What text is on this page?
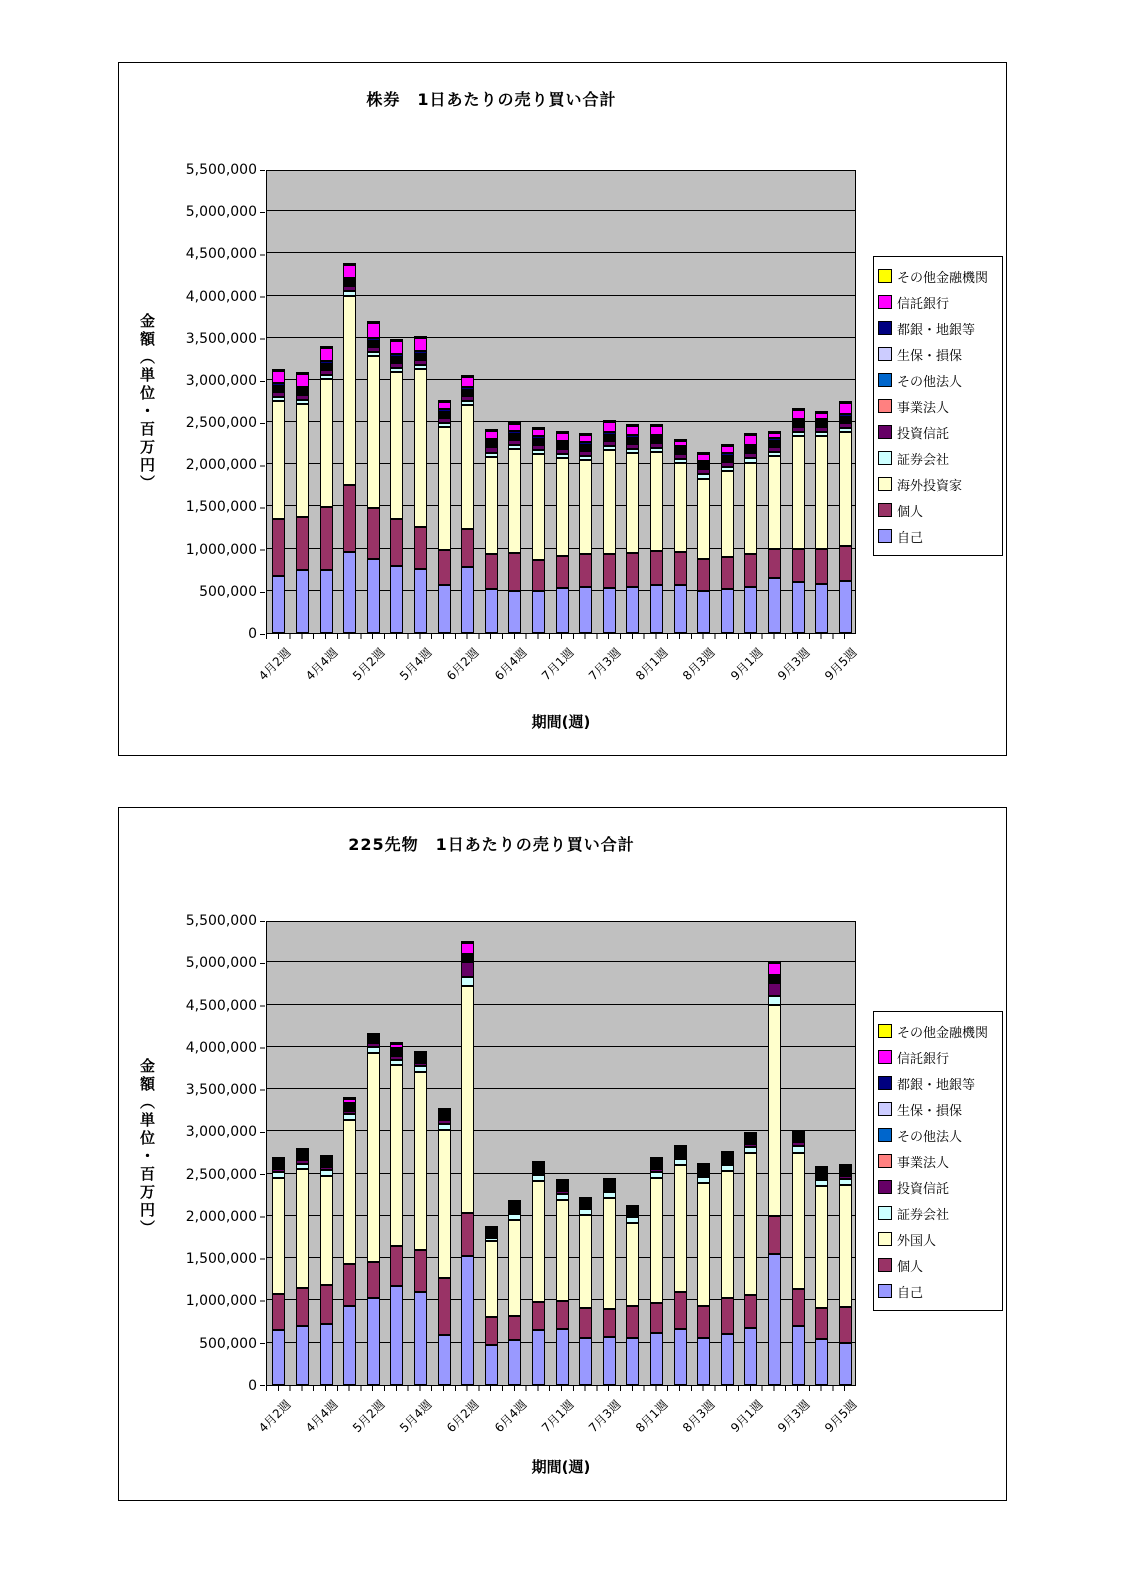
株券　1日あたりの売り買い合計
金額（単位・百万円）
5,500,000
5,000,000
4,500,000
4,000,000
3,500,000
3,000,000
2,500,000
2,000,000
1,500,000
1,000,000
500,000
0
4月2週 4月4週 5月2週 5月4週 6月2週 6月4週 7月1週 7月3週 8月1週 8月3週 9月1週 9月3週 9月5週
期間(週)
その他金融機関
信託銀行
都銀・地銀等
生保・損保
その他法人
事業法人
投資信託
証券会社
海外投資家
個人
自己
225先物　1日あたりの売り買い合計
金額（単位・百万円）
5,500,000
5,000,000
4,500,000
4,000,000
3,500,000
3,000,000
2,500,000
2,000,000
1,500,000
1,000,000
500,000
0
4月2週 4月4週 5月2週 5月4週 6月2週 6月4週 7月1週 7月3週 8月1週 8月3週 9月1週 9月3週 9月5週
期間(週)
その他金融機関
信託銀行
都銀・地銀等
生保・損保
その他法人
事業法人
投資信託
証券会社
外国人
個人
自己
